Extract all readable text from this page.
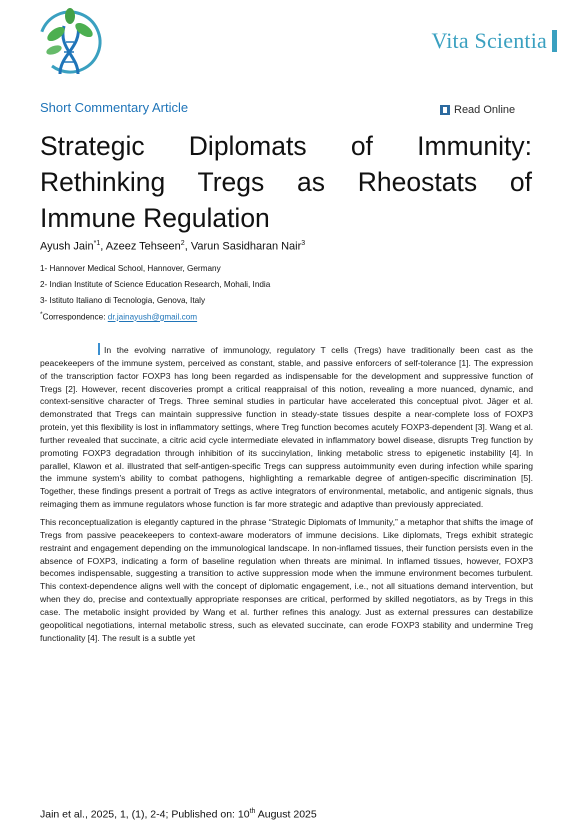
Vita Scientia
Short Commentary Article	Read Online
Strategic Diplomats of Immunity: Rethinking Tregs as Rheostats of Immune Regulation
Ayush Jain$^{*1}$, Azeez Tehseen$^2$, Varun Sasidharan Nair$^3$
1- Hannover Medical School, Hannover, Germany
2- Indian Institute of Science Education Research, Mohali, India
3- Istituto Italiano di Tecnologia, Genova, Italy
*Correspondence: dr.jainayush@gmail.com

In the evolving narrative of immunology, regulatory T cells (Tregs) have traditionally been cast as the peacekeepers of the immune system, perceived as constant, stable, and passive enforcers of self-tolerance [1]. The expression of the transcription factor FOXP3 has long been regarded as indispensable for the development and suppressive function of Tregs [2]. However, recent discoveries prompt a critical reappraisal of this notion, revealing a more nuanced, dynamic, and context-sensitive character of Tregs. Three seminal studies in particular have accelerated this conceptual pivot. Jäger et al. demonstrated that Tregs can maintain suppressive function in steady-state tissues despite a near-complete loss of FOXP3 protein, yet this flexibility is lost in inflammatory settings, where Treg function becomes acutely FOXP3-dependent [3]. Wang et al. further revealed that succinate, a citric acid cycle intermediate elevated in inflammatory bowel disease, disrupts Treg function by promoting FOXP3 degradation through inhibition of its succinylation, linking metabolic stress to epigenetic instability [4]. In parallel, Klawon et al. illustrated that self-antigen-specific Tregs can suppress autoimmunity even during infection while sparing the immune system's ability to combat pathogens, highlighting a remarkable degree of antigen-specific discrimination [5]. Together, these findings present a portrait of Tregs as active integrators of environmental, metabolic, and antigenic signals, thus reimaging them as immune regulators whose function is far more strategic and adaptive than previously appreciated.

This reconceptualization is elegantly captured in the phrase “Strategic Diplomats of Immunity,” a metaphor that shifts the image of Tregs from passive peacekeepers to context-aware moderators of immune decisions. Like diplomats, Tregs exhibit strategic restraint and engagement depending on the immunological landscape. In non-inflamed tissues, their function persists even in the absence of FOXP3, indicating a form of baseline regulation when threats are minimal. In inflamed tissues, however, FOXP3 becomes indispensable, suggesting a transition to active suppression mode when the immune environment becomes turbulent. This context-dependence aligns well with the concept of diplomatic engagement, i.e., not all situations demand intervention, but when they do, precise and contextually appropriate responses are critical, performed by skilled negotiators, as by Tregs in this case. The metabolic insight provided by Wang et al. further refines this analogy. Just as external pressures can destabilize geopolitical negotiations, internal metabolic stress, such as elevated succinate, can erode FOXP3 stability and undermine Treg functionality [4]. The result is a subtle yet

Jain et al., 2025, 1, (1), 2-4; Published on: 10th August 2025
